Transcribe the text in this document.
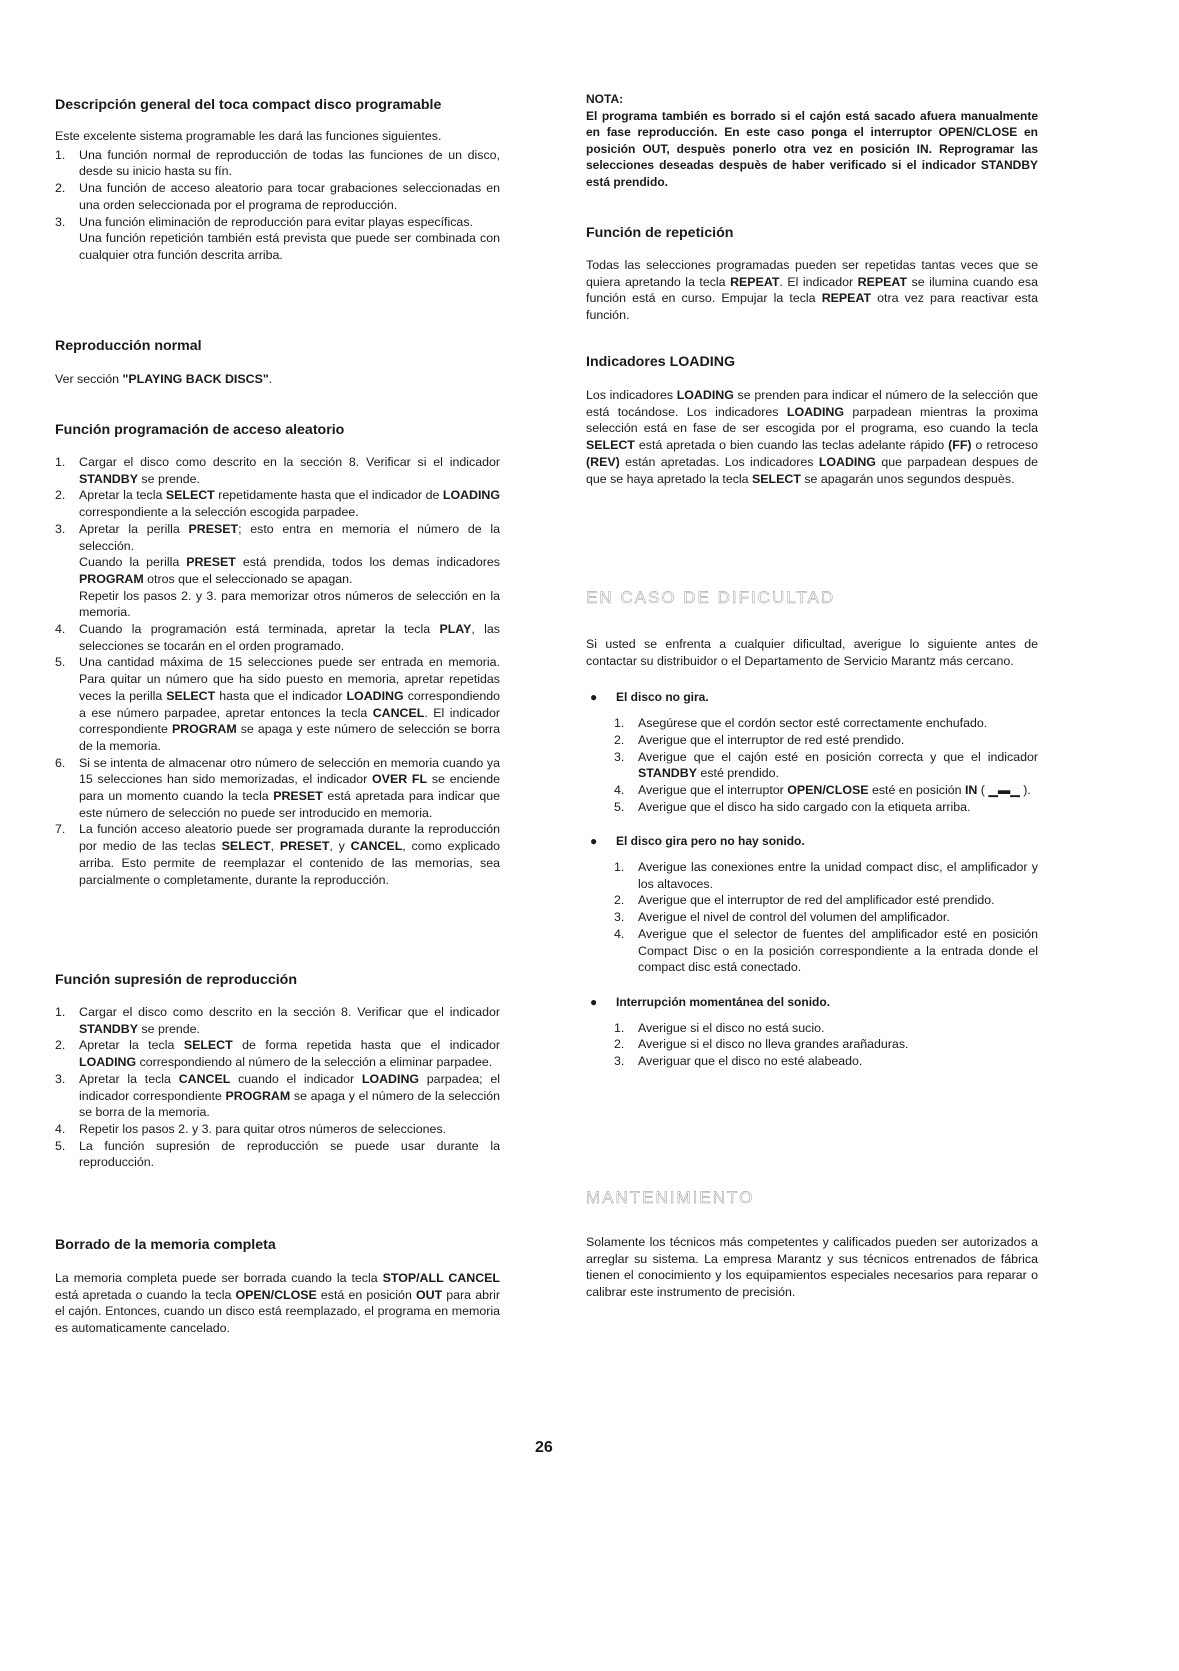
Descripción general del toca compact disco programable

Este excelente sistema programable les dará las funciones siguientes.

1. Una función normal de reproducción de todas las funciones de un disco, desde su inicio hasta su fín.
2. Una función de acceso aleatorio para tocar grabaciones seleccionadas en una orden seleccionada por el programa de reproducción.
3. Una función eliminación de reproducción para evitar playas específicas.
Una función repetición también está prevista que puede ser combinada con cualquier otra función descrita arriba.
Reproducción normal

Ver sección "PLAYING BACK DISCS".

Función programación de acceso aleatorio
1. Cargar el disco como descrito en la sección 8. Verificar si el indicador STANDBY se prende.
2. Apretar la tecla SELECT repetidamente hasta que el indicador de LOADING correspondiente a la selección escogida parpadee.
3. Apretar la perilla PRESET; esto entra en memoria el número de la selección.
Cuando la perilla PRESET está prendida, todos los demas indicadores PROGRAM otros que el seleccionado se apagan.
Repetir los pasos 2. y 3. para memorizar otros números de selección en la memoria.
4. Cuando la programación está terminada, apretar la tecla PLAY, las selecciones se tocarán en el orden programado.
5. Una cantidad máxima de 15 selecciones puede ser entrada en memoria. Para quitar un número que ha sido puesto en memoria, apretar repetidas veces la perilla SELECT hasta que el indicador LOADING correspondiendo a ese número parpadee, apretar entonces la tecla CANCEL. El indicador correspondiente PROGRAM se apaga y este número de selección se borra de la memoria.
6. Si se intenta de almacenar otro número de selección en memoria cuando ya 15 selecciones han sido memorizadas, el indicador OVER FL se enciende para un momento cuando la tecla PRESET está apretada para indicar que este número de selección no puede ser introducido en memoria.
7. La función acceso aleatorio puede ser programada durante la reproducción por medio de las teclas SELECT, PRESET, y CANCEL, como explicado arriba. Esto permite de reemplazar el contenido de las memorias, sea parcialmente o completamente, durante la reproducción.
Función supresión de reproducción
1. Cargar el disco como descrito en la sección 8. Verificar que el indicador STANDBY se prende.
2. Apretar la tecla SELECT de forma repetida hasta que el indicador LOADING correspondiendo al número de la selección a eliminar parpadee.
3. Apretar la tecla CANCEL cuando el indicador LOADING parpadea; el indicador correspondiente PROGRAM se apaga y el número de la selección se borra de la memoria.
4. Repetir los pasos 2. y 3. para quitar otros números de selecciones.
5. La función supresión de reproducción se puede usar durante la reproducción.
Borrado de la memoria completa

La memoria completa puede ser borrada cuando la tecla STOP/ALL CANCEL está apretada o cuando la tecla OPEN/CLOSE está en posición OUT para abrir el cajón. Entonces, cuando un disco está reemplazado, el programa en memoria es automaticamente cancelado.

NOTA:

El programa también es borrado si el cajón está sacado afuera manualmente en fase reproducción. En este caso ponga el interruptor OPEN/CLOSE en posición OUT, despuès ponerlo otra vez en posición IN. Reprogramar las selecciones deseadas despuès de haber verificado si el indicador STANDBY está prendido.

Función de repetición

Todas las selecciones programadas pueden ser repetidas tantas veces que se quiera apretando la tecla REPEAT. El indicador REPEAT se ilumina cuando esa función está en curso. Empujar la tecla REPEAT otra vez para reactivar esta función.

Indicadores LOADING

Los indicadores LOADING se prenden para indicar el número de la selección que está tocándose. Los indicadores LOADING parpadean mientras la proxima selección está en fase de ser escogida por el programa, eso cuando la tecla SELECT está apretada o bien cuando las teclas adelante rápido (FF) o retroceso (REV) están apretadas. Los indicadores LOADING que parpadean despues de que se haya apretado la tecla SELECT se apagarán unos segundos despuès.

EN CASO DE DIFICULTAD

Si usted se enfrenta a cualquier dificultad, averigue lo siguiente antes de contactar su distribuidor o el Departamento de Servicio Marantz más cercano.

● El disco no gira.
1. Asegúrese que el cordón sector esté correctamente enchufado.
2. Averigue que el interruptor de red esté prendido.
3. Averigue que el cajón esté en posición correcta y que el indicador STANDBY esté prendido.
4. Averigue que el interruptor OPEN/CLOSE esté en posición IN ( ▁▬▁ ).
5. Averigue que el disco ha sido cargado con la etiqueta arriba.
● El disco gira pero no hay sonido.
1. Averigue las conexiones entre la unidad compact disc, el amplificador y los altavoces.
2. Averigue que el interruptor de red del amplificador esté prendido.
3. Averigue el nivel de control del volumen del amplificador.
4. Averigue que el selector de fuentes del amplificador esté en posición Compact Disc o en la posición correspondiente a la entrada donde el compact disc está conectado.
● Interrupción momentánea del sonido.
1. Averigue si el disco no está sucio.
2. Averigue si el disco no lleva grandes arañaduras.
3. Averiguar que el disco no esté alabeado.
MANTENIMIENTO

Solamente los técnicos más competentes y calificados pueden ser autorizados a arreglar su sistema. La empresa Marantz y sus técnicos entrenados de fábrica tienen el conocimiento y los equipamientos especiales necesarios para reparar o calibrar este instrumento de precisión.

26
